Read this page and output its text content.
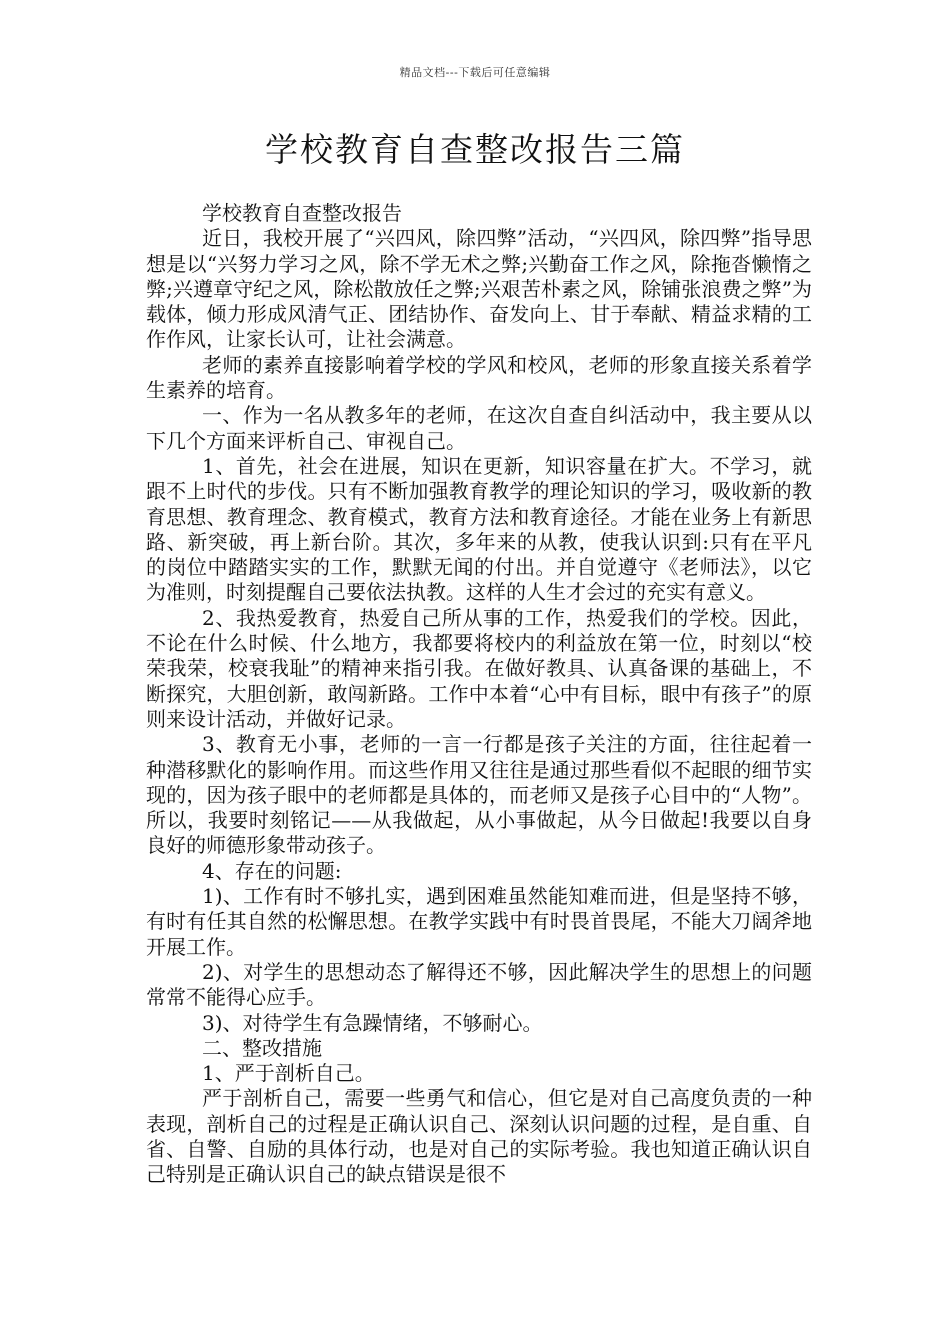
精品文档---下载后可任意编辑
学校教育自查整改报告三篇

学校教育自查整改报告

近日，我校开展了“兴四风，除四弊”活动，“兴四风，除四弊”指导思想是以“兴努力学习之风，除不学无术之弊;兴勤奋工作之风，除拖沓懒惰之弊;兴遵章守纪之风，除松散放任之弊;兴艰苦朴素之风，除铺张浪费之弊”为载体，倾力形成风清气正、团结协作、奋发向上、甘于奉献、精益求精的工作作风，让家长认可，让社会满意。

老师的素养直接影响着学校的学风和校风，老师的形象直接关系着学生素养的培育。

一、作为一名从教多年的老师，在这次自查自纠活动中，我主要从以下几个方面来评析自己、审视自己。

1、首先，社会在进展，知识在更新，知识容量在扩大。不学习，就跟不上时代的步伐。只有不断加强教育教学的理论知识的学习，吸收新的教育思想、教育理念、教育模式，教育方法和教育途径。才能在业务上有新思路、新突破，再上新台阶。其次，多年来的从教，使我认识到:只有在平凡的岗位中踏踏实实的工作，默默无闻的付出。并自觉遵守《老师法》，以它为准则，时刻提醒自己要依法执教。这样的人生才会过的充实有意义。

2、我热爱教育，热爱自己所从事的工作，热爱我们的学校。因此，不论在什么时候、什么地方，我都要将校内的利益放在第一位，时刻以“校荣我荣，校衰我耻”的精神来指引我。在做好教具、认真备课的基础上，不断探究，大胆创新，敢闯新路。工作中本着“心中有目标，眼中有孩子”的原则来设计活动，并做好记录。

3、教育无小事，老师的一言一行都是孩子关注的方面，往往起着一种潜移默化的影响作用。而这些作用又往往是通过那些看似不起眼的细节实现的，因为孩子眼中的老师都是具体的，而老师又是孩子心目中的“人物”。所以，我要时刻铭记——从我做起，从小事做起，从今日做起!我要以自身良好的师德形象带动孩子。

4、存在的问题:

1)、工作有时不够扎实，遇到困难虽然能知难而进，但是坚持不够，有时有任其自然的松懈思想。在教学实践中有时畏首畏尾，不能大刀阔斧地开展工作。

2)、对学生的思想动态了解得还不够，因此解决学生的思想上的问题常常不能得心应手。

3)、对待学生有急躁情绪，不够耐心。

二、整改措施

1、严于剖析自己。

严于剖析自己，需要一些勇气和信心，但它是对自己高度负责的一种表现，剖析自己的过程是正确认识自己、深刻认识问题的过程，是自重、自省、自警、自励的具体行动，也是对自己的实际考验。我也知道正确认识自己特别是正确认识自己的缺点错误是很不
